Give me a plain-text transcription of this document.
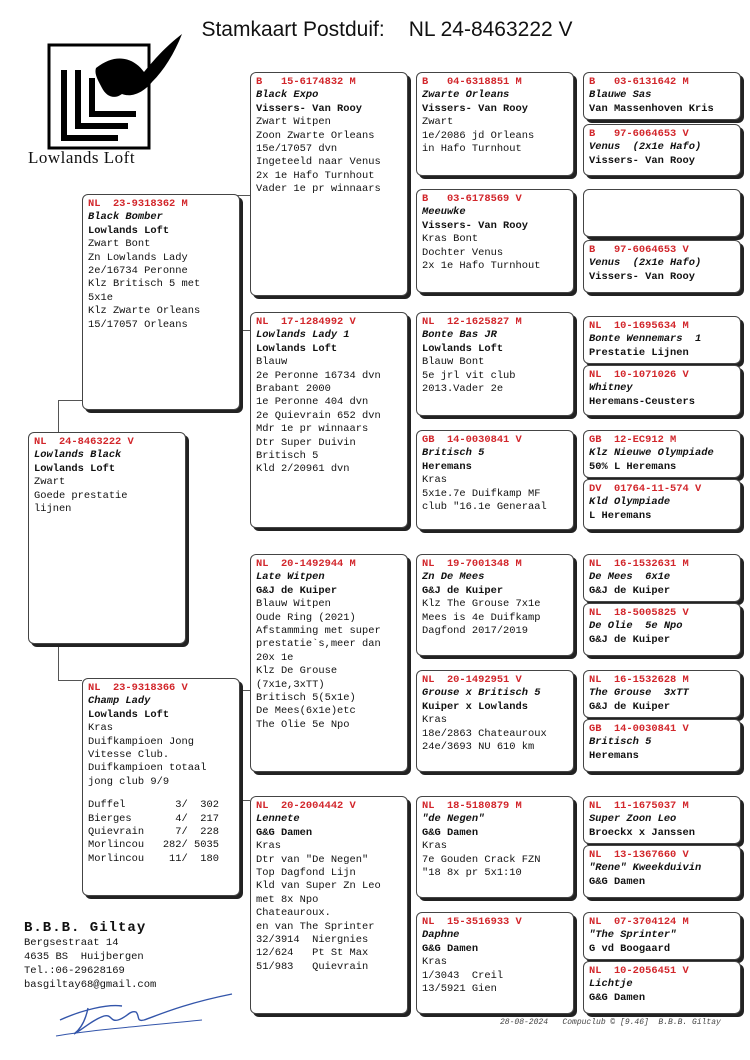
Stamkaart Postduif: NL 24-8463222 V
Lowlands Loft
NL  24-8463222 V
Lowlands Black
Lowlands Loft
Zwart
Goede prestatie
lijnen
NL  23-9318362 M
Black Bomber
Lowlands Loft
Zwart Bont
Zn Lowlands Lady
2e/16734 Peronne
Klz Britisch 5 met
5x1e
Klz Zwarte Orleans
15/17057 Orleans
NL  23-9318366 V
Champ Lady
Lowlands Loft
Kras
Duifkampioen Jong
Vitesse Club.
Duifkampioen totaal
jong club 9/9
Duffel        3/  302
Bierges       4/  217
Quievrain     7/  228
Morlincou   282/ 5035
Morlincou    11/  180
B   15-6174832 M
Black Expo
Vissers- Van Rooy
Zwart Witpen
Zoon Zwarte Orleans
15e/17057 dvn
Ingeteeld naar Venus
2x 1e Hafo Turnhout
Vader 1e pr winnaars
NL  17-1284992 V
Lowlands Lady 1
Lowlands Loft
Blauw
2e Peronne 16734 dvn
Brabant 2000
1e Peronne 404 dvn
2e Quievrain 652 dvn
Mdr 1e pr winnaars
Dtr Super Duivin
Britisch 5
Kld 2/20961 dvn
NL  20-1492944 M
Late Witpen
G&J de Kuiper
Blauw Witpen
Oude Ring (2021)
Afstamming met super
prestatie`s,meer dan
20x 1e
Klz De Grouse
(7x1e,3xTT)
Britisch 5(5x1e)
De Mees(6x1e)etc
The Olie 5e Npo
NL  20-2004442 V
Lennete
G&G Damen
Kras
Dtr van "De Negen"
Top Dagfond Lijn
Kld van Super Zn Leo
met 8x Npo
Chateauroux.
en van The Sprinter
32/3914  Niergnies
12/624   Pt St Max
51/983   Quievrain
B   04-6318851 M
Zwarte Orleans
Vissers- Van Rooy
Zwart
1e/2086 jd Orleans
in Hafo Turnhout
B   03-6178569 V
Meeuwke
Vissers- Van Rooy
Kras Bont
Dochter Venus
2x 1e Hafo Turnhout
NL  12-1625827 M
Bonte Bas JR
Lowlands Loft
Blauw Bont
5e jrl vit club
2013.Vader 2e
GB  14-0030841 V
Britisch 5
Heremans
Kras
5x1e.7e Duifkamp MF
club "16.1e Generaal
NL  19-7001348 M
Zn De Mees
G&J de Kuiper
Klz The Grouse 7x1e
Mees is 4e Duifkamp
Dagfond 2017/2019
NL  20-1492951 V
Grouse x Britisch 5
Kuiper x Lowlands
Kras
18e/2863 Chateauroux
24e/3693 NU 610 km
NL  18-5180879 M
"de Negen"
G&G Damen
Kras
7e Gouden Crack FZN
"18 8x pr 5x1:10
NL  15-3516933 V
Daphne
G&G Damen
Kras
1/3043  Creil
13/5921 Gien
B   03-6131642 M
Blauwe Sas
Van Massenhoven Kris
B   97-6064653 V
Venus  (2x1e Hafo)
Vissers- Van Rooy
B   97-6064653 V
Venus  (2x1e Hafo)
Vissers- Van Rooy
NL  10-1695634 M
Bonte Wennemars  1
Prestatie Lijnen
NL  10-1071026 V
Whitney
Heremans-Ceusters
GB  12-EC912 M
Klz Nieuwe Olympiade
50% L Heremans
DV  01764-11-574 V
Kld Olympiade
L Heremans
NL  16-1532631 M
De Mees  6x1e
G&J de Kuiper
NL  18-5005825 V
De Olie  5e Npo
G&J de Kuiper
NL  16-1532628 M
The Grouse  3xTT
G&J de Kuiper
GB  14-0030841 V
Britisch 5
Heremans
NL  11-1675037 M
Super Zoon Leo
Broeckx x Janssen
NL  13-1367660 V
"Rene" Kweekduivin
G&G Damen
NL  07-3704124 M
"The Sprinter"
G vd Boogaard
NL  10-2056451 V
Lichtje
G&G Damen
B.B.B. Giltay
Bergsestraat 14
4635 BS  Huijbergen
Tel.:06-29628169
basgiltay68@gmail.com
28-08-2024   Compuclub © [9.46]  B.B.B. Giltay
